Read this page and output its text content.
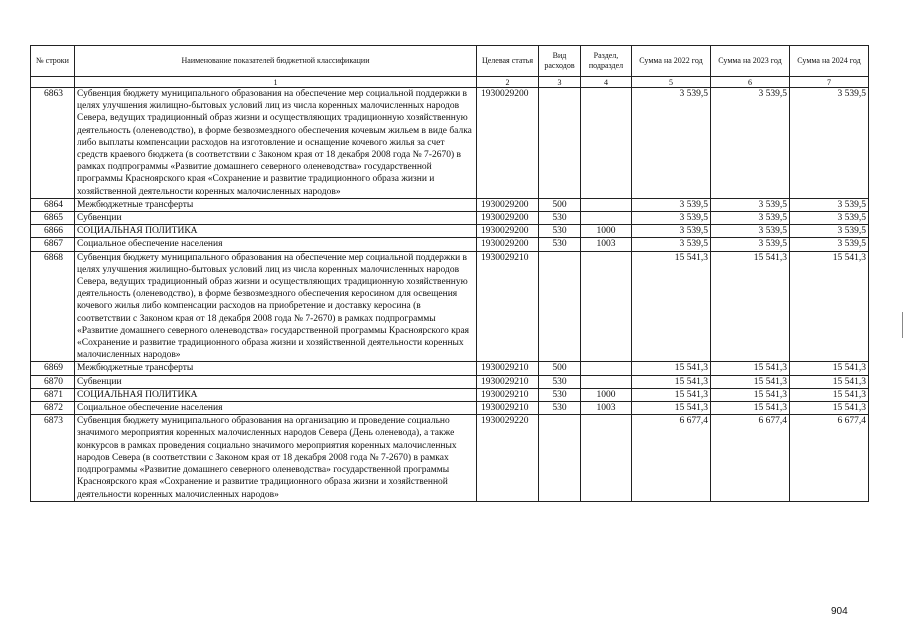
№ строки	Наименование показателей бюджетной классификации	Целевая статья	Вид расходов	Раздел, подраздел	Сумма на 2022 год	Сумма на 2023 год	Сумма на 2024 год
	1	2	3	4	5	6	7
6863	Субвенция бюджету муниципального образования на обеспечение мер социальной поддержки в целях улучшения жилищно-бытовых условий лиц из числа коренных малочисленных народов Севера, ведущих традиционный образ жизни и осуществляющих традиционную хозяйственную деятельность (оленеводство), в форме безвозмездного обеспечения кочевым жильем в виде балка либо выплаты компенсации расходов на изготовление и оснащение кочевого жилья за счет средств краевого бюджета (в соответствии с Законом края от 18 декабря 2008 года № 7-2670) в рамках подпрограммы «Развитие домашнего северного оленеводства» государственной программы Красноярского края «Сохранение и развитие традиционного образа жизни и хозяйственной деятельности коренных малочисленных народов»	1930029200			3 539,5	3 539,5	3 539,5
6864	Межбюджетные трансферты	1930029200	500		3 539,5	3 539,5	3 539,5
6865	Субвенции	1930029200	530		3 539,5	3 539,5	3 539,5
6866	СОЦИАЛЬНАЯ ПОЛИТИКА	1930029200	530	1000	3 539,5	3 539,5	3 539,5
6867	Социальное обеспечение населения	1930029200	530	1003	3 539,5	3 539,5	3 539,5
6868	Субвенция бюджету муниципального образования на обеспечение мер социальной поддержки в целях улучшения жилищно-бытовых условий лиц из числа коренных малочисленных народов Севера, ведущих традиционный образ жизни и осуществляющих традиционную хозяйственную деятельность (оленеводство), в форме безвозмездного обеспечения керосином для освещения кочевого жилья либо компенсации расходов на приобретение и доставку керосина (в соответствии с Законом края от 18 декабря 2008 года № 7-2670) в рамках подпрограммы «Развитие домашнего северного оленеводства» государственной программы Красноярского края «Сохранение и развитие традиционного образа жизни и хозяйственной деятельности коренных малочисленных народов»	1930029210			15 541,3	15 541,3	15 541,3
6869	Межбюджетные трансферты	1930029210	500		15 541,3	15 541,3	15 541,3
6870	Субвенции	1930029210	530		15 541,3	15 541,3	15 541,3
6871	СОЦИАЛЬНАЯ ПОЛИТИКА	1930029210	530	1000	15 541,3	15 541,3	15 541,3
6872	Социальное обеспечение населения	1930029210	530	1003	15 541,3	15 541,3	15 541,3
6873	Субвенция бюджету муниципального образования на организацию и проведение социально значимого мероприятия коренных малочисленных народов Севера (День оленевода), а также конкурсов в рамках проведения социально значимого мероприятия коренных малочисленных народов Севера (в соответствии с Законом края от 18 декабря 2008 года № 7-2670) в рамках подпрограммы «Развитие домашнего северного оленеводства» государственной программы Красноярского края «Сохранение и развитие традиционного образа жизни и хозяйственной деятельности коренных малочисленных народов»	1930029220			6 677,4	6 677,4	6 677,4
904
